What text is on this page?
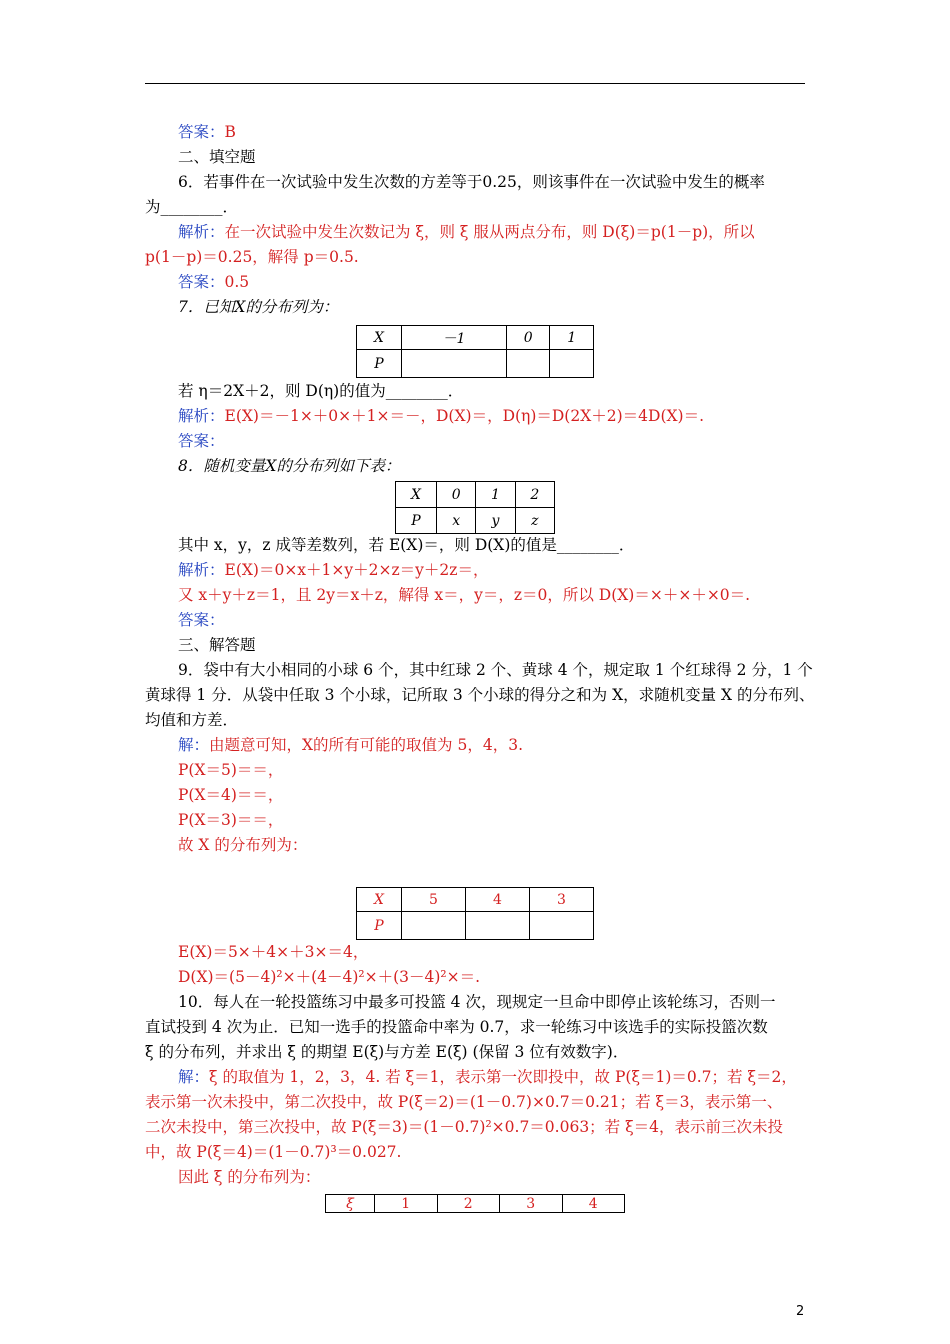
答案：B
二、填空题
6．若事件在一次试验中发生次数的方差等于0.25，则该事件在一次试验中发生的概率
为________．
解析：在一次试验中发生次数记为 ξ，则 ξ 服从两点分布，则 D(ξ)＝p(1－p)，所以
p(1－p)＝0.25，解得 p＝0.5.
答案：0.5
7．已知X的分布列为：
X	－1	0	1
P			
若 η＝2X＋2，则 D(η)的值为________．
解析：E(X)＝－1×＋0×＋1×＝－，D(X)＝，D(η)＝D(2X＋2)＝4D(X)＝.
答案：
8．随机变量X的分布列如下表：
X	0	1	2
P	x	y	z
其中 x，y，z 成等差数列，若 E(X)＝，则 D(X)的值是________．
解析：E(X)＝0×x＋1×y＋2×z＝y＋2z＝，
又 x＋y＋z＝1，且 2y＝x＋z，解得 x＝，y＝，z＝0，所以 D(X)＝×＋×＋×0＝.
答案：
三、解答题
9．袋中有大小相同的小球 6 个，其中红球 2 个、黄球 4 个，规定取 1 个红球得 2 分，1 个
黄球得 1 分．从袋中任取 3 个小球，记所取 3 个小球的得分之和为 X，求随机变量 X 的分布列、
均值和方差．
解：由题意可知，X的所有可能的取值为 5，4，3.
P(X＝5)＝＝，
P(X＝4)＝＝，
P(X＝3)＝＝，
故 X 的分布列为：
X	5	4	3
P			
E(X)＝5×＋4×＋3×＝4，
D(X)＝(5－4)²×＋(4－4)²×＋(3－4)²×＝.
10．每人在一轮投篮练习中最多可投篮 4 次，现规定一旦命中即停止该轮练习，否则一
直试投到 4 次为止．已知一选手的投篮命中率为 0.7，求一轮练习中该选手的实际投篮次数
ξ 的分布列，并求出 ξ 的期望 E(ξ)与方差 E(ξ) (保留 3 位有效数字)．
解：ξ 的取值为 1，2，3，4. 若 ξ＝1，表示第一次即投中，故 P(ξ＝1)＝0.7；若 ξ＝2，
表示第一次未投中，第二次投中，故 P(ξ＝2)＝(1－0.7)×0.7＝0.21；若 ξ＝3，表示第一、
二次未投中，第三次投中，故 P(ξ＝3)＝(1－0.7)²×0.7＝0.063；若 ξ＝4，表示前三次未投
中，故 P(ξ＝4)＝(1－0.7)³＝0.027.
因此 ξ 的分布列为：
ξ	1	2	3	4
2
